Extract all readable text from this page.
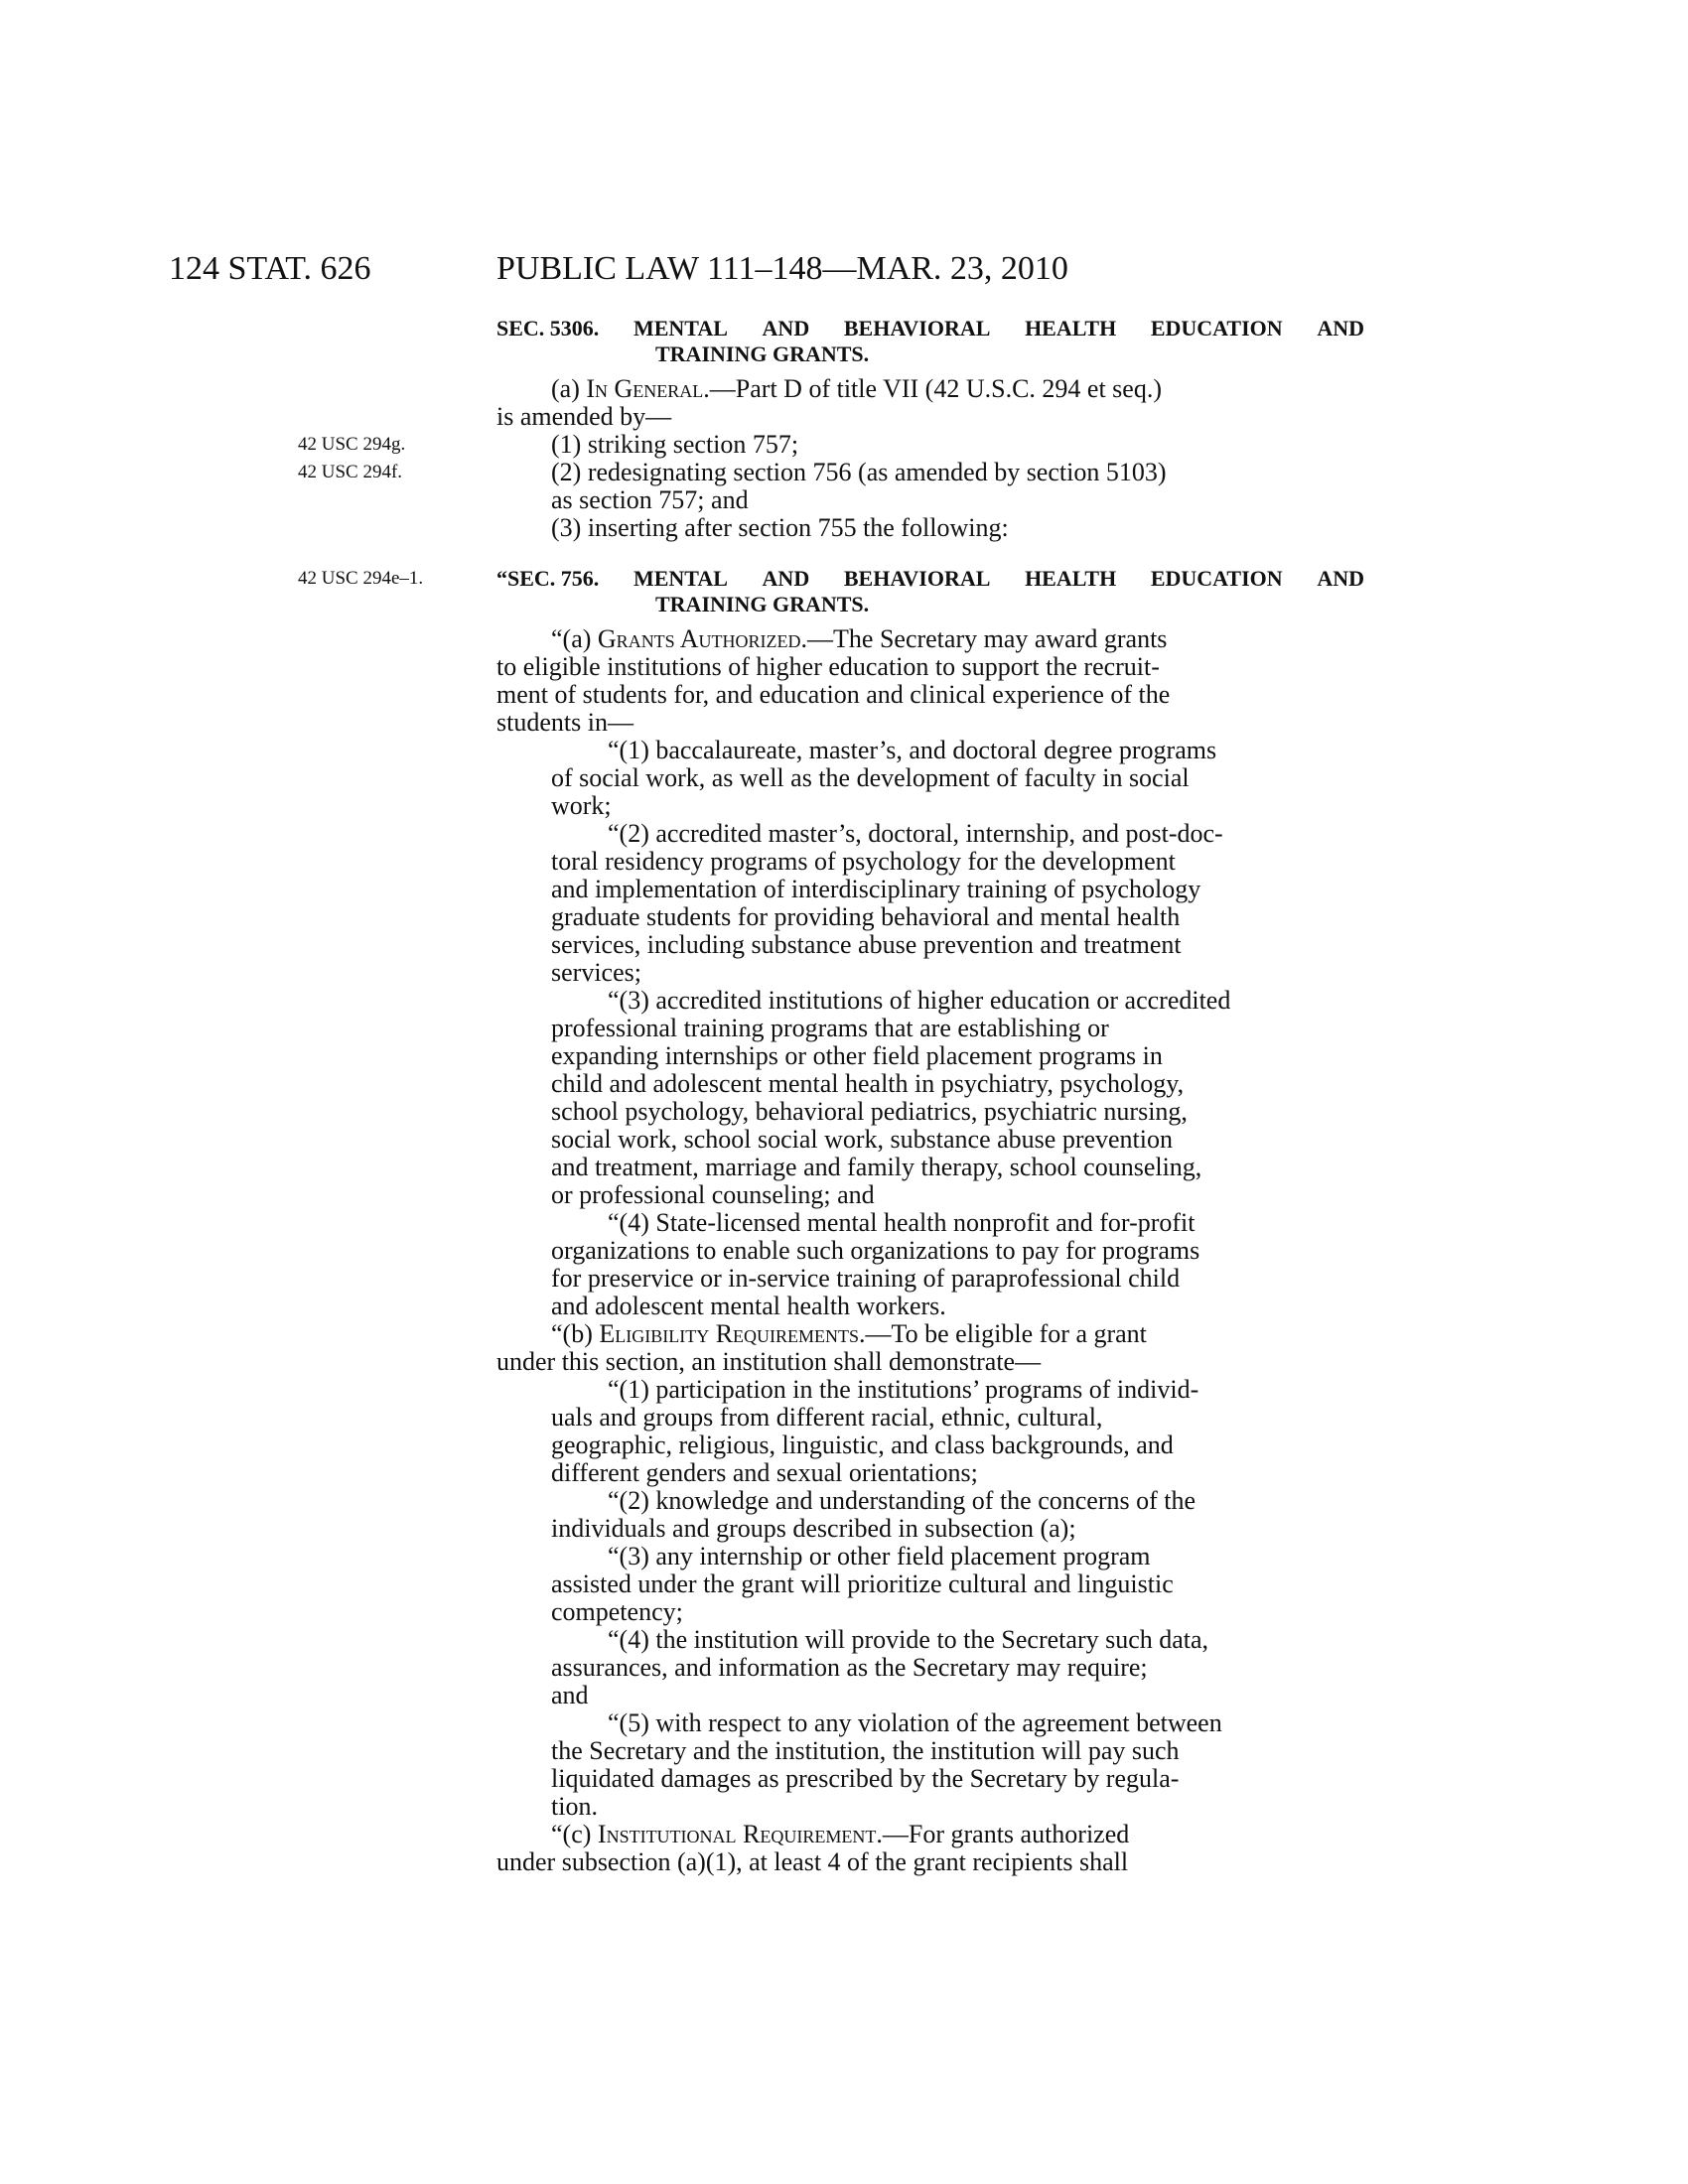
124 STAT. 626	PUBLIC LAW 111–148—MAR. 23, 2010
SEC. 5306. MENTAL AND BEHAVIORAL HEALTH EDUCATION AND
TRAINING GRANTS.
(a) In General.—Part D of title VII (42 U.S.C. 294 et seq.)
is amended by—
(1) striking section 757;
(2) redesignating section 756 (as amended by section 5103)
as section 757; and
(3) inserting after section 755 the following:
42 USC 294g.
42 USC 294f.
42 USC 294e–1.	“SEC. 756. MENTAL AND BEHAVIORAL HEALTH EDUCATION AND
TRAINING GRANTS.
“(a) Grants Authorized.—The Secretary may award grants
to eligible institutions of higher education to support the recruit-
ment of students for, and education and clinical experience of the
students in—
“(1) baccalaureate, master’s, and doctoral degree programs
of social work, as well as the development of faculty in social
work;
“(2) accredited master’s, doctoral, internship, and post-doc-
toral residency programs of psychology for the development
and implementation of interdisciplinary training of psychology
graduate students for providing behavioral and mental health
services, including substance abuse prevention and treatment
services;
“(3) accredited institutions of higher education or accredited
professional training programs that are establishing or
expanding internships or other field placement programs in
child and adolescent mental health in psychiatry, psychology,
school psychology, behavioral pediatrics, psychiatric nursing,
social work, school social work, substance abuse prevention
and treatment, marriage and family therapy, school counseling,
or professional counseling; and
“(4) State-licensed mental health nonprofit and for-profit
organizations to enable such organizations to pay for programs
for preservice or in-service training of paraprofessional child
and adolescent mental health workers.
“(b) Eligibility Requirements.—To be eligible for a grant
under this section, an institution shall demonstrate—
“(1) participation in the institutions’ programs of individ-
uals and groups from different racial, ethnic, cultural,
geographic, religious, linguistic, and class backgrounds, and
different genders and sexual orientations;
“(2) knowledge and understanding of the concerns of the
individuals and groups described in subsection (a);
“(3) any internship or other field placement program
assisted under the grant will prioritize cultural and linguistic
competency;
“(4) the institution will provide to the Secretary such data,
assurances, and information as the Secretary may require;
and
“(5) with respect to any violation of the agreement between
the Secretary and the institution, the institution will pay such
liquidated damages as prescribed by the Secretary by regula-
tion.
“(c) Institutional Requirement.—For grants authorized
under subsection (a)(1), at least 4 of the grant recipients shall
